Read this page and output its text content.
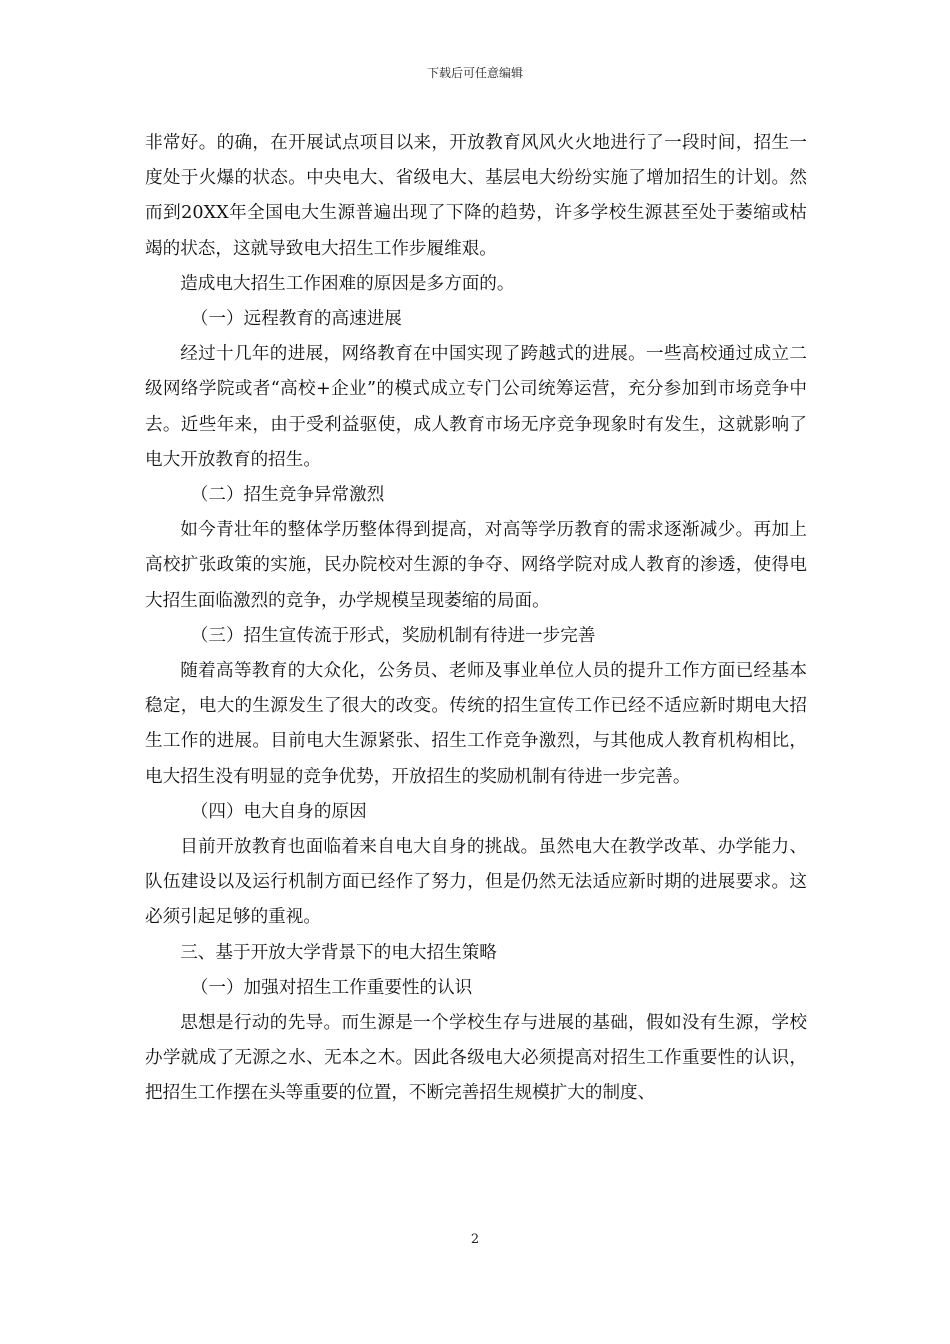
下载后可任意编辑

非常好。的确，在开展试点项目以来，开放教育风风火火地进行了一段时间，招生一度处于火爆的状态。中央电大、省级电大、基层电大纷纷实施了增加招生的计划。然而到20XX年全国电大生源普遍出现了下降的趋势，许多学校生源甚至处于萎缩或枯竭的状态，这就导致电大招生工作步履维艰。

造成电大招生工作困难的原因是多方面的。

（一）远程教育的高速进展

经过十几年的进展，网络教育在中国实现了跨越式的进展。一些高校通过成立二级网络学院或者“高校+企业”的模式成立专门公司统筹运营，充分参加到市场竞争中去。近些年来，由于受利益驱使，成人教育市场无序竞争现象时有发生，这就影响了电大开放教育的招生。

（二）招生竞争异常激烈

如今青壮年的整体学历整体得到提高，对高等学历教育的需求逐渐减少。再加上高校扩张政策的实施，民办院校对生源的争夺、网络学院对成人教育的渗透，使得电大招生面临激烈的竞争，办学规模呈现萎缩的局面。

（三）招生宣传流于形式，奖励机制有待进一步完善

随着高等教育的大众化，公务员、老师及事业单位人员的提升工作方面已经基本稳定，电大的生源发生了很大的改变。传统的招生宣传工作已经不适应新时期电大招生工作的进展。目前电大生源紧张、招生工作竞争激烈，与其他成人教育机构相比，电大招生没有明显的竞争优势，开放招生的奖励机制有待进一步完善。

（四）电大自身的原因

目前开放教育也面临着来自电大自身的挑战。虽然电大在教学改革、办学能力、队伍建设以及运行机制方面已经作了努力，但是仍然无法适应新时期的进展要求。这必须引起足够的重视。

三、基于开放大学背景下的电大招生策略

（一）加强对招生工作重要性的认识

思想是行动的先导。而生源是一个学校生存与进展的基础，假如没有生源，学校办学就成了无源之水、无本之木。因此各级电大必须提高对招生工作重要性的认识，把招生工作摆在头等重要的位置，不断完善招生规模扩大的制度、

2
